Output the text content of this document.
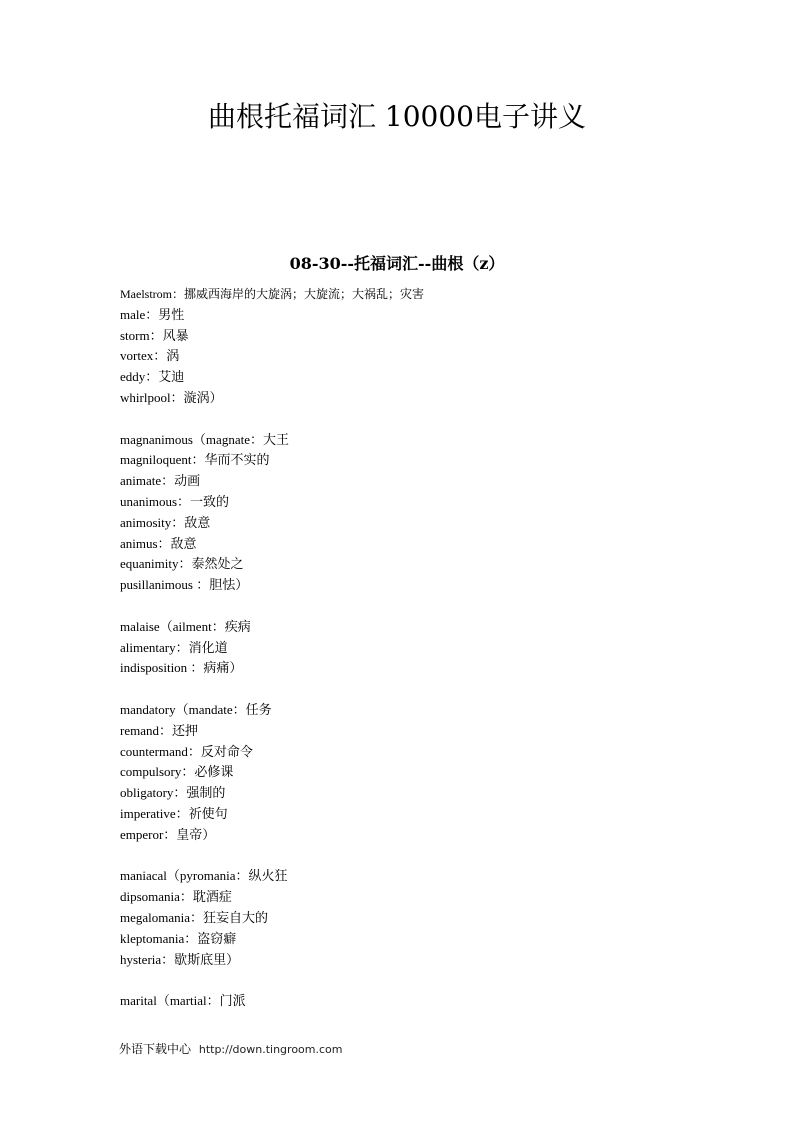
曲根托福词汇 10000电子讲义
08-30--托福词汇--曲根（z）
Maelstrom：挪威西海岸的大旋涡；大旋流；大祸乱；灾害
male：男性
storm：风暴
vortex：涡
eddy：艾迪
whirlpool：漩涡）
magnanimous（magnate：大王
magniloquent：华而不实的
animate：动画
unanimous：一致的
animosity：敌意
animus：敌意
equanimity：泰然处之
pusillanimous ：胆怯）
malaise（ailment：疾病
alimentary：消化道
indisposition ：病痛）
mandatory（mandate：任务
remand：还押
countermand：反对命令
compulsory：必修课
obligatory：强制的
imperative：祈使句
emperor：皇帝）
maniacal（pyromania：纵火狂
dipsomania：耽酒症
megalomania：狂妄自大的
kleptomania：盗窃癖
hysteria：歇斯底里）
marital（martial：门派
外语下载中心 http://down.tingroom.com
